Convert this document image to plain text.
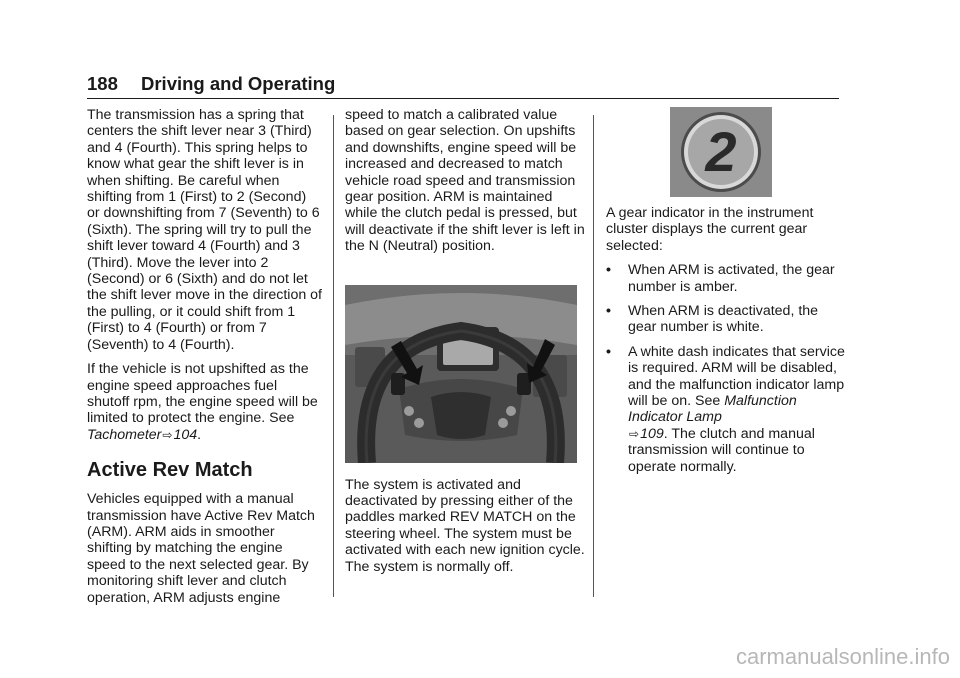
188 Driving and Operating

The transmission has a spring that centers the shift lever near 3 (Third) and 4 (Fourth). This spring helps to know what gear the shift lever is in when shifting. Be careful when shifting from 1 (First) to 2 (Second) or downshifting from 7 (Seventh) to 6 (Sixth). The spring will try to pull the shift lever toward 4 (Fourth) and 3 (Third). Move the lever into 2 (Second) or 6 (Sixth) and do not let the shift lever move in the direction of the pulling, or it could shift from 1 (First) to 4 (Fourth) or from 7 (Seventh) to 4 (Fourth).

If the vehicle is not upshifted as the engine speed approaches fuel shutoff rpm, the engine speed will be limited to protect the engine. See Tachometer⇨104.

Active Rev Match

Vehicles equipped with a manual transmission have Active Rev Match (ARM). ARM aids in smoother shifting by matching the engine speed to the next selected gear. By monitoring shift lever and clutch operation, ARM adjusts engine

speed to match a calibrated value based on gear selection. On upshifts and downshifts, engine speed will be increased and decreased to match vehicle road speed and transmission gear position. ARM is maintained while the clutch pedal is pressed, but will deactivate if the shift lever is left in the N (Neutral) position.

The system is activated and deactivated by pressing either of the paddles marked REV MATCH on the steering wheel. The system must be activated with each new ignition cycle. The system is normally off.

2

A gear indicator in the instrument cluster displays the current gear selected:

• When ARM is activated, the gear number is amber.
• When ARM is deactivated, the gear number is white.
• A white dash indicates that service is required. ARM will be disabled, and the malfunction indicator lamp will be on. See Malfunction Indicator Lamp
⇨109. The clutch and manual transmission will continue to operate normally.
carmanualsonline.info
